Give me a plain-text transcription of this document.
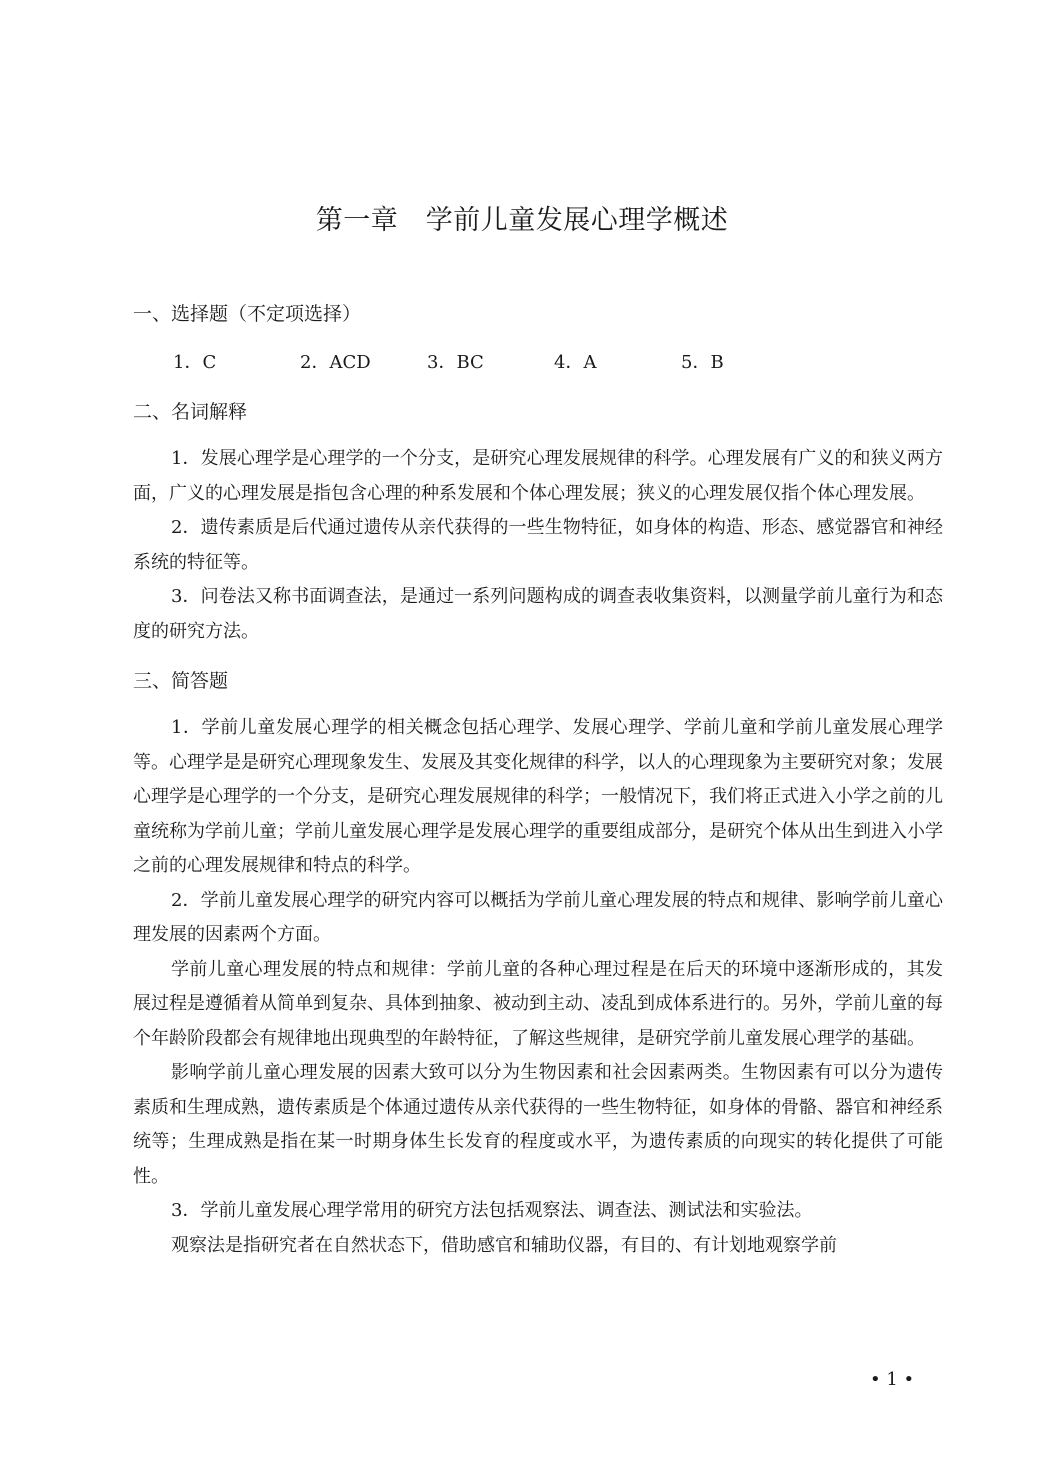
第一章　学前儿童发展心理学概述
一、选择题（不定项选择）
1．C	2．ACD	3．BC	4．A	5．B
二、名词解释

1．发展心理学是心理学的一个分支，是研究心理发展规律的科学。心理发展有广义的和狭义两方面，广义的心理发展是指包含心理的种系发展和个体心理发展；狭义的心理发展仅指个体心理发展。

2．遗传素质是后代通过遗传从亲代获得的一些生物特征，如身体的构造、形态、感觉器官和神经系统的特征等。

3．问卷法又称书面调查法，是通过一系列问题构成的调查表收集资料，以测量学前儿童行为和态度的研究方法。

三、简答题

1．学前儿童发展心理学的相关概念包括心理学、发展心理学、学前儿童和学前儿童发展心理学等。心理学是是研究心理现象发生、发展及其变化规律的科学，以人的心理现象为主要研究对象；发展心理学是心理学的一个分支，是研究心理发展规律的科学；一般情况下，我们将正式进入小学之前的儿童统称为学前儿童；学前儿童发展心理学是发展心理学的重要组成部分，是研究个体从出生到进入小学之前的心理发展规律和特点的科学。

2．学前儿童发展心理学的研究内容可以概括为学前儿童心理发展的特点和规律、影响学前儿童心理发展的因素两个方面。

学前儿童心理发展的特点和规律：学前儿童的各种心理过程是在后天的环境中逐渐形成的，其发展过程是遵循着从简单到复杂、具体到抽象、被动到主动、凌乱到成体系进行的。另外，学前儿童的每个年龄阶段都会有规律地出现典型的年龄特征，了解这些规律，是研究学前儿童发展心理学的基础。

影响学前儿童心理发展的因素大致可以分为生物因素和社会因素两类。生物因素有可以分为遗传素质和生理成熟，遗传素质是个体通过遗传从亲代获得的一些生物特征，如身体的骨骼、器官和神经系统等；生理成熟是指在某一时期身体生长发育的程度或水平，为遗传素质的向现实的转化提供了可能性。

3．学前儿童发展心理学常用的研究方法包括观察法、调查法、测试法和实验法。

观察法是指研究者在自然状态下，借助感官和辅助仪器，有目的、有计划地观察学前

• 1 •
